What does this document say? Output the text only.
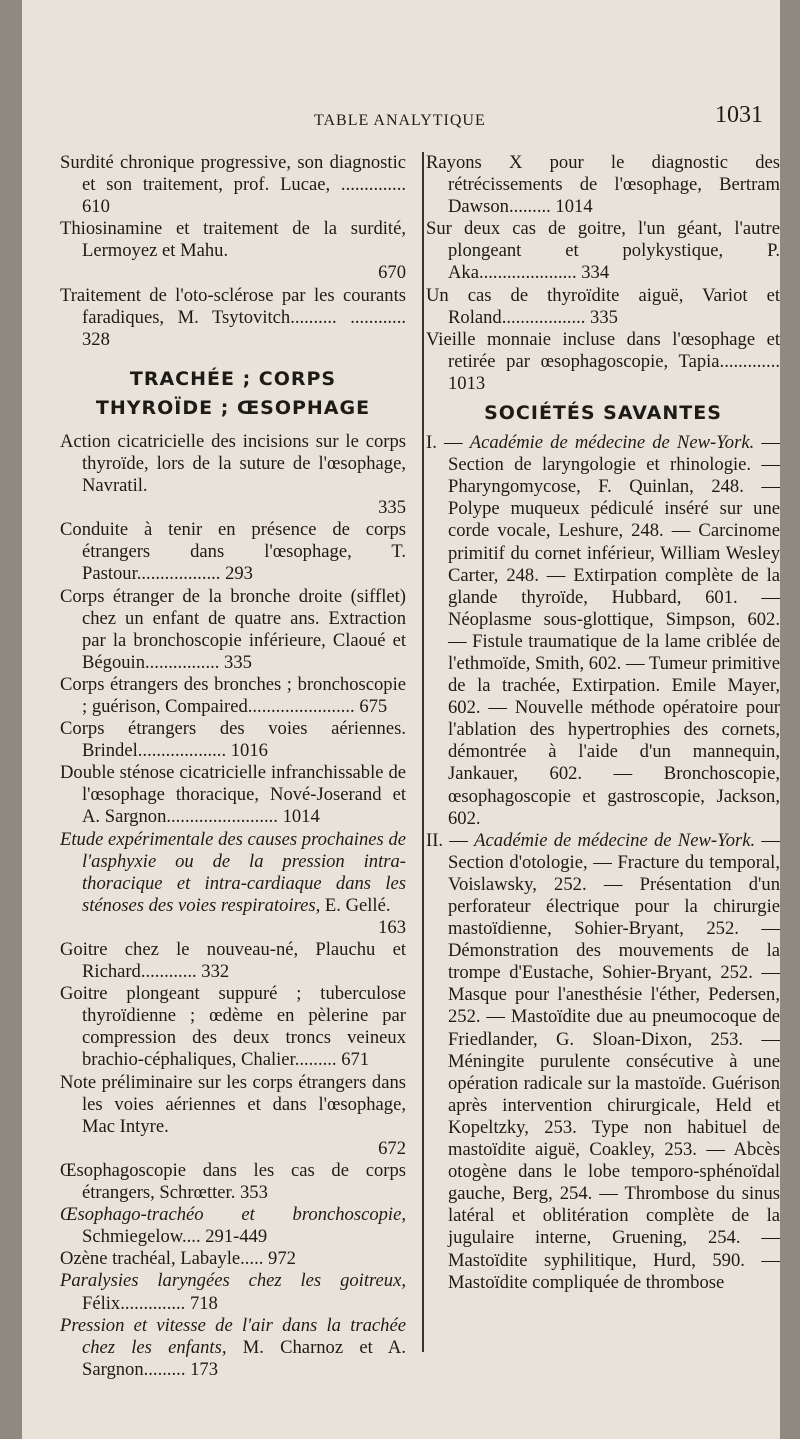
TABLE ANALYTIQUE	1031
Surdité chronique progressive, son diagnostic et son traitement, prof. Lucae, .............. 610
Thiosinamine et traitement de la surdité, Lermoyez et Mahu.
670
Traitement de l'oto-sclérose par les courants faradiques, M. Tsytovitch.......... ............ 328
TRACHÉE ; CORPS
THYROÏDE ; ŒSOPHAGE
Action cicatricielle des incisions sur le corps thyroïde, lors de la suture de l'œsophage, Navratil.
335
Conduite à tenir en présence de corps étrangers dans l'œsophage, T. Pastour.................. 293
Corps étranger de la bronche droite (sifflet) chez un enfant de quatre ans. Extraction par la bronchoscopie inférieure, Claoué et Bégouin................ 335
Corps étrangers des bronches ; bronchoscopie ; guérison, Compaired....................... 675
Corps étrangers des voies aériennes. Brindel................... 1016
Double sténose cicatricielle infranchissable de l'œsophage thoracique, Nové-Joserand et A. Sargnon........................ 1014
Etude expérimentale des causes prochaines de l'asphyxie ou de la pression intra-thoracique et intra-cardiaque dans les sténoses des voies respiratoires, E. Gellé.
163
Goitre chez le nouveau-né, Plauchu et Richard............ 332
Goitre plongeant suppuré ; tuberculose thyroïdienne ; œdème en pèlerine par compression des deux troncs veineux brachio-céphaliques, Chalier......... 671
Note préliminaire sur les corps étrangers dans les voies aériennes et dans l'œsophage, Mac Intyre.
672
Œsophagoscopie dans les cas de corps étrangers, Schrœtter. 353
Œsophago-trachéo et bronchoscopie, Schmiegelow.... 291-449
Ozène trachéal, Labayle..... 972
Paralysies laryngées chez les goitreux, Félix.............. 718
Pression et vitesse de l'air dans la trachée chez les enfants, M. Charnoz et A. Sargnon......... 173
Rayons X pour le diagnostic des rétrécissements de l'œsophage, Bertram Dawson......... 1014
Sur deux cas de goitre, l'un géant, l'autre plongeant et polykystique, P. Aka..................... 334
Un cas de thyroïdite aiguë, Variot et Roland.................. 335
Vieille monnaie incluse dans l'œsophage et retirée par œsophagoscopie, Tapia............. 1013
SOCIÉTÉS SAVANTES
I. — Académie de médecine de New-York. — Section de laryngologie et rhinologie. — Pharyngomycose, F. Quinlan, 248. — Polype muqueux pédiculé inséré sur une corde vocale, Leshure, 248. — Carcinome primitif du cornet inférieur, William Wesley Carter, 248. — Extirpation complète de la glande thyroïde, Hubbard, 601. — Néoplasme sous-glottique, Simpson, 602. — Fistule traumatique de la lame criblée de l'ethmoïde, Smith, 602. — Tumeur primitive de la trachée, Extirpation. Emile Mayer, 602. — Nouvelle méthode opératoire pour l'ablation des hypertrophies des cornets, démontrée à l'aide d'un mannequin, Jankauer, 602. — Bronchoscopie, œsophagoscopie et gastroscopie, Jackson, 602.
II. — Académie de médecine de New-York. — Section d'otologie, — Fracture du temporal, Voislawsky, 252. — Présentation d'un perforateur électrique pour la chirurgie mastoïdienne, Sohier-Bryant, 252. — Démonstration des mouvements de la trompe d'Eustache, Sohier-Bryant, 252. — Masque pour l'anesthésie l'éther, Pedersen, 252. — Mastoïdite due au pneumocoque de Friedlander, G. Sloan-Dixon, 253. — Méningite purulente consécutive à une opération radicale sur la mastoïde. Guérison après intervention chirurgicale, Held et Kopeltzky, 253. Type non habituel de mastoïdite aiguë, Coakley, 253. — Abcès otogène dans le lobe temporo-sphénoïdal gauche, Berg, 254. — Thrombose du sinus latéral et oblitération complète de la jugulaire interne, Gruening, 254. — Mastoïdite syphilitique, Hurd, 590. — Mastoïdite compliquée de thrombose
